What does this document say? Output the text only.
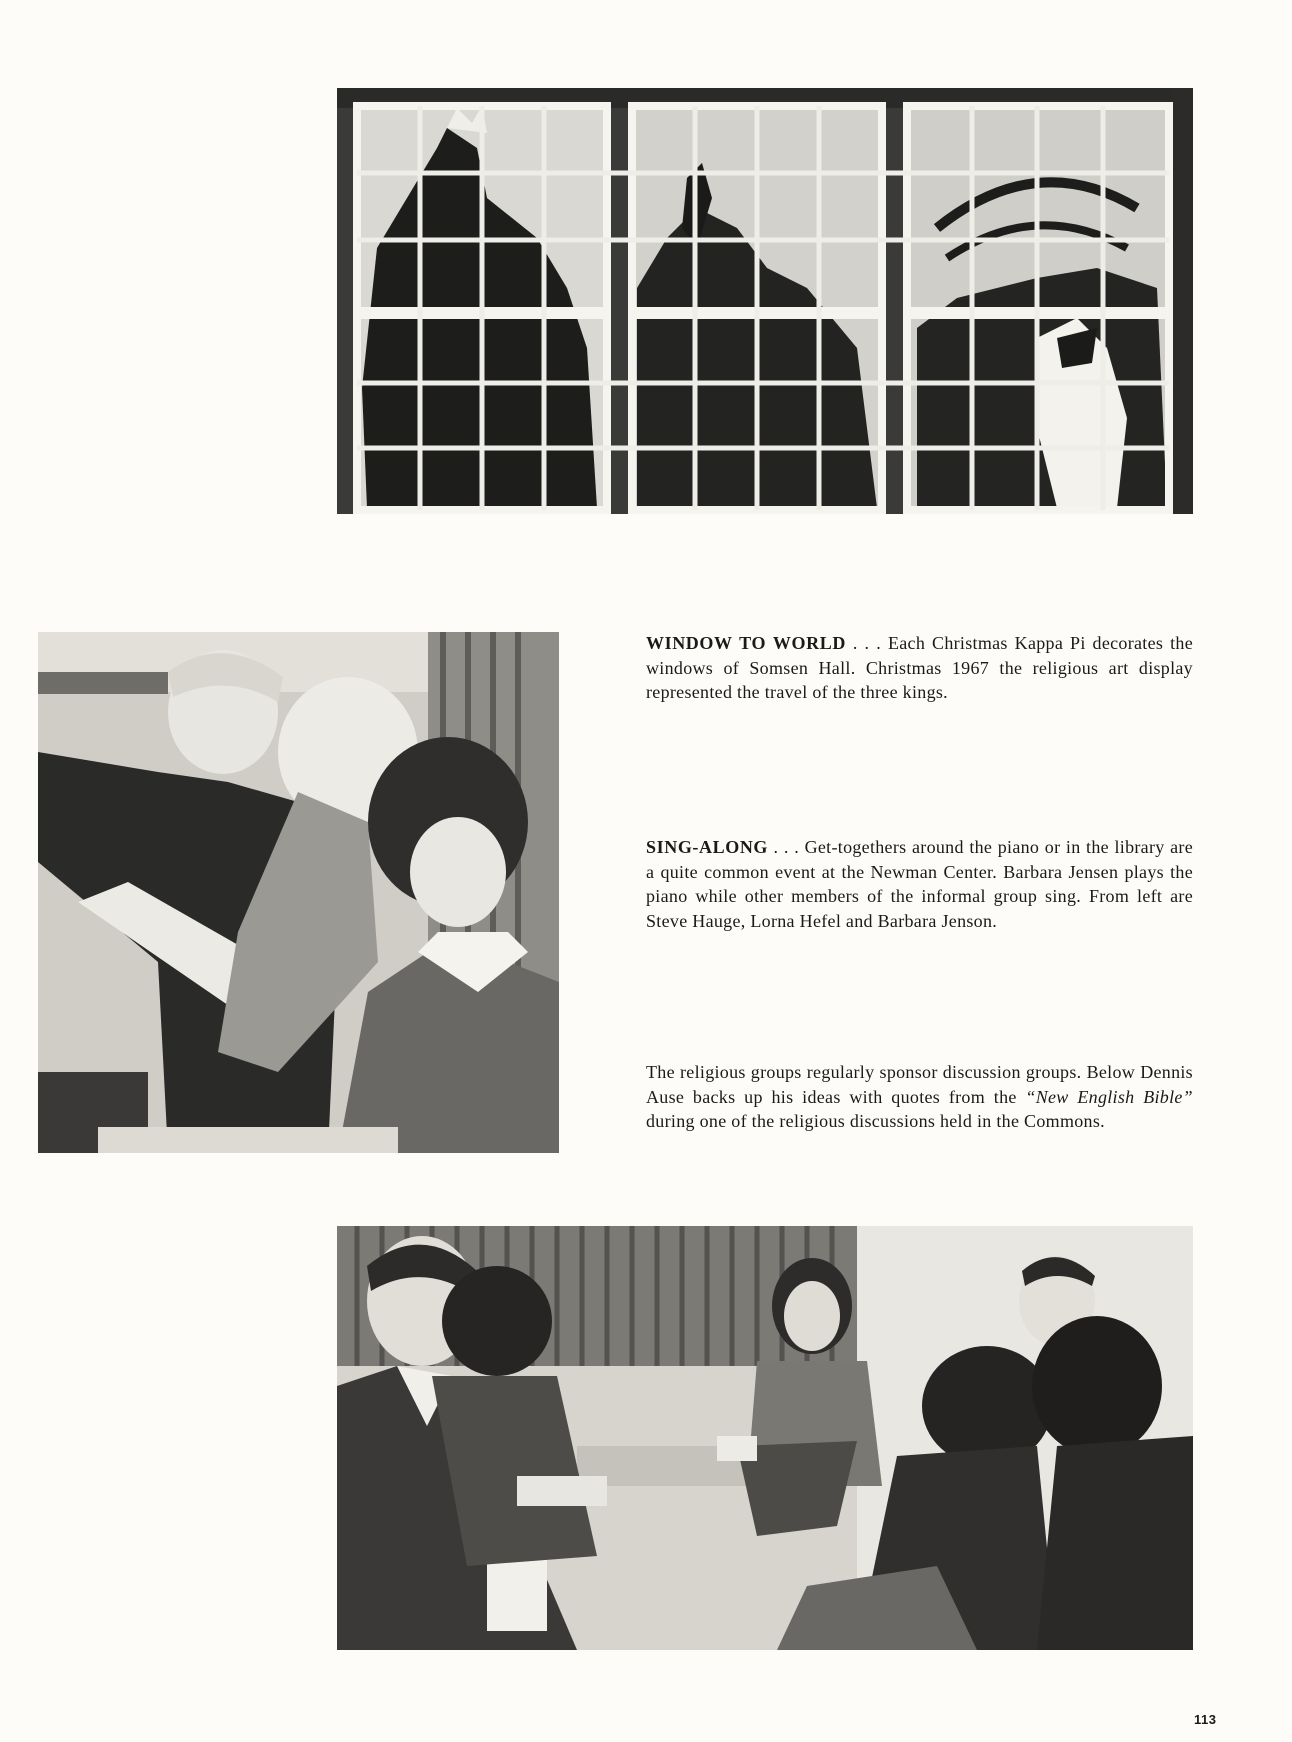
WINDOW TO WORLD . . . Each Christmas Kappa Pi decorates the windows of Somsen Hall. Christmas 1967 the religious art display represented the travel of the three kings.

SING-ALONG . . . Get-togethers around the piano or in the library are a quite common event at the Newman Center. Barbara Jensen plays the piano while other members of the informal group sing. From left are Steve Hauge, Lorna Hefel and Barbara Jenson.

The religious groups regularly sponsor discussion groups. Below Dennis Ause backs up his ideas with quotes from the “New English Bible” during one of the religious discussions held in the Commons.

113
